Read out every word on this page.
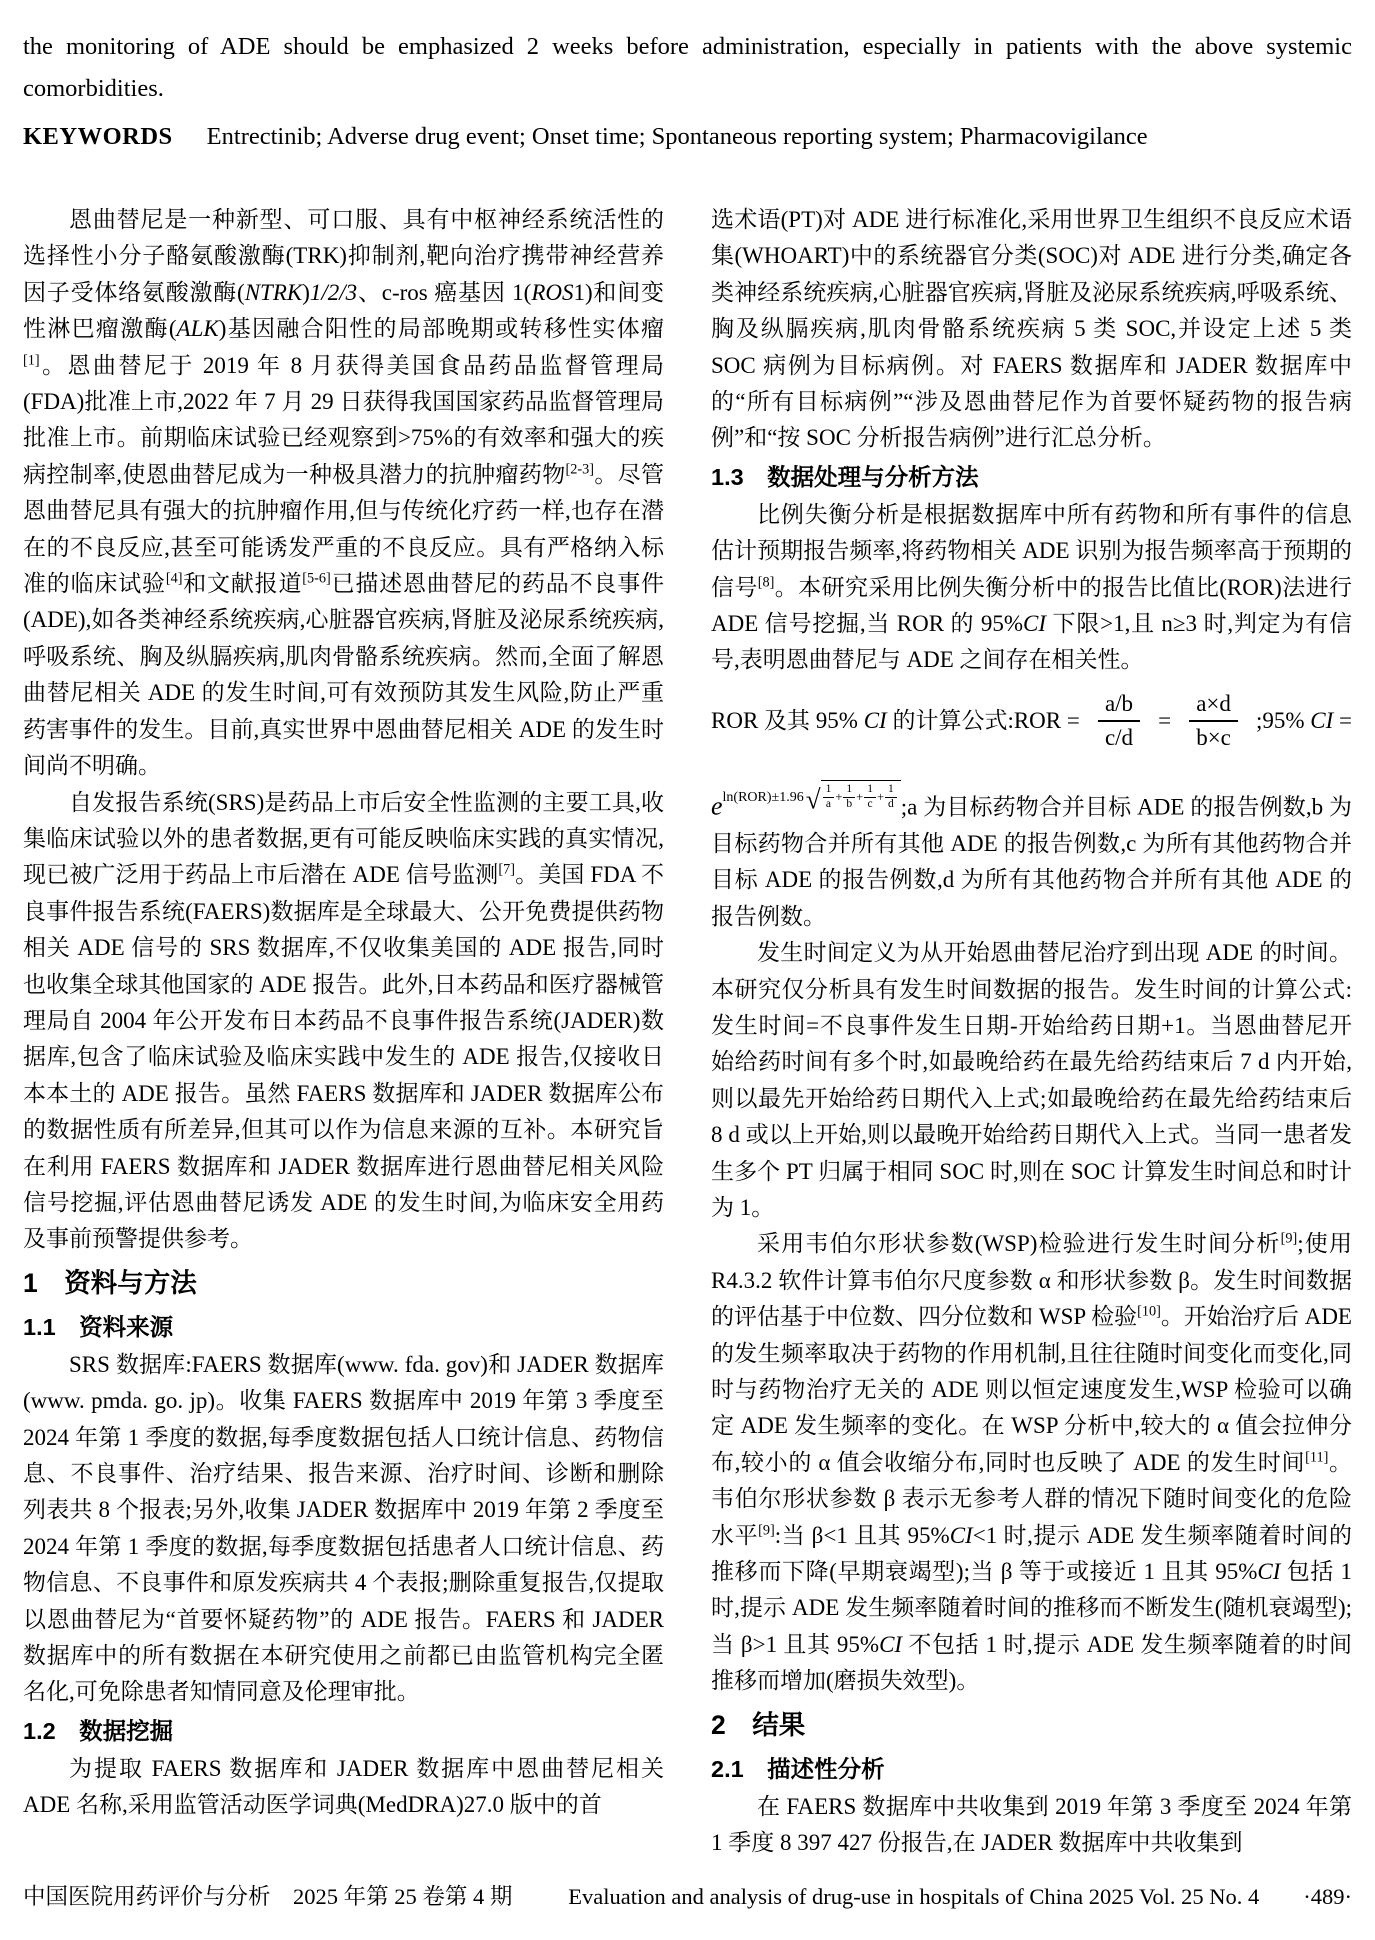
the monitoring of ADE should be emphasized 2 weeks before administration, especially in patients with the above systemic comorbidities.

KEYWORDS Entrectinib; Adverse drug event; Onset time; Spontaneous reporting system; Pharmacovigilance

恩曲替尼是一种新型、可口服、具有中枢神经系统活性的选择性小分子酪氨酸激酶(TRK)抑制剂,靶向治疗携带神经营养因子受体络氨酸激酶(NTRK)1/2/3、c-ros 癌基因 1(ROS1)和间变性淋巴瘤激酶(ALK)基因融合阳性的局部晚期或转移性实体瘤[1]。恩曲替尼于 2019 年 8 月获得美国食品药品监督管理局(FDA)批准上市,2022 年 7 月 29 日获得我国国家药品监督管理局批准上市。前期临床试验已经观察到>75%的有效率和强大的疾病控制率,使恩曲替尼成为一种极具潜力的抗肿瘤药物[2-3]。尽管恩曲替尼具有强大的抗肿瘤作用,但与传统化疗药一样,也存在潜在的不良反应,甚至可能诱发严重的不良反应。具有严格纳入标准的临床试验[4]和文献报道[5-6]已描述恩曲替尼的药品不良事件(ADE),如各类神经系统疾病,心脏器官疾病,肾脏及泌尿系统疾病,呼吸系统、胸及纵膈疾病,肌肉骨骼系统疾病。然而,全面了解恩曲替尼相关 ADE 的发生时间,可有效预防其发生风险,防止严重药害事件的发生。目前,真实世界中恩曲替尼相关 ADE 的发生时间尚不明确。

自发报告系统(SRS)是药品上市后安全性监测的主要工具,收集临床试验以外的患者数据,更有可能反映临床实践的真实情况,现已被广泛用于药品上市后潜在 ADE 信号监测[7]。美国 FDA 不良事件报告系统(FAERS)数据库是全球最大、公开免费提供药物相关 ADE 信号的 SRS 数据库,不仅收集美国的 ADE 报告,同时也收集全球其他国家的 ADE 报告。此外,日本药品和医疗器械管理局自 2004 年公开发布日本药品不良事件报告系统(JADER)数据库,包含了临床试验及临床实践中发生的 ADE 报告,仅接收日本本土的 ADE 报告。虽然 FAERS 数据库和 JADER 数据库公布的数据性质有所差异,但其可以作为信息来源的互补。本研究旨在利用 FAERS 数据库和 JADER 数据库进行恩曲替尼相关风险信号挖掘,评估恩曲替尼诱发 ADE 的发生时间,为临床安全用药及事前预警提供参考。

1　资料与方法
1.1　资料来源

SRS 数据库:FAERS 数据库(www. fda. gov)和 JADER 数据库(www. pmda. go. jp)。收集 FAERS 数据库中 2019 年第 3 季度至 2024 年第 1 季度的数据,每季度数据包括人口统计信息、药物信息、不良事件、治疗结果、报告来源、治疗时间、诊断和删除列表共 8 个报表;另外,收集 JADER 数据库中 2019 年第 2 季度至 2024 年第 1 季度的数据,每季度数据包括患者人口统计信息、药物信息、不良事件和原发疾病共 4 个表报;删除重复报告,仅提取以恩曲替尼为“首要怀疑药物”的 ADE 报告。FAERS 和 JADER 数据库中的所有数据在本研究使用之前都已由监管机构完全匿名化,可免除患者知情同意及伦理审批。

1.2　数据挖掘

为提取 FAERS 数据库和 JADER 数据库中恩曲替尼相关 ADE 名称,采用监管活动医学词典(MedDRA)27.0 版中的首

选术语(PT)对 ADE 进行标准化,采用世界卫生组织不良反应术语集(WHOART)中的系统器官分类(SOC)对 ADE 进行分类,确定各类神经系统疾病,心脏器官疾病,肾脏及泌尿系统疾病,呼吸系统、胸及纵膈疾病,肌肉骨骼系统疾病 5 类 SOC,并设定上述 5 类 SOC 病例为目标病例。对 FAERS 数据库和 JADER 数据库中的“所有目标病例”“涉及恩曲替尼作为首要怀疑药物的报告病例”和“按 SOC 分析报告病例”进行汇总分析。

1.3　数据处理与分析方法

比例失衡分析是根据数据库中所有药物和所有事件的信息估计预期报告频率,将药物相关 ADE 识别为报告频率高于预期的信号[8]。本研究采用比例失衡分析中的报告比值比(ROR)法进行 ADE 信号挖掘,当 ROR 的 95%CI 下限>1,且 n≥3 时,判定为有信号,表明恩曲替尼与 ADE 之间存在相关性。

ROR 及其 95% CI 的计算公式:ROR = $\frac{a/b}{c/d} = \frac{a\times d}{b\times c}$ ;95% CI =
$eln(ROR)\pm 1.96√ \frac{1}{a} + \frac{1}{b} + \frac{1}{c} + \frac{1}{d}$ ;a 为目标药物合并目标 ADE 的报告例数,b 为目标药物合并所有其他 ADE 的报告例数,c 为所有其他药物合并目标 ADE 的报告例数,d 为所有其他药物合并所有其他 ADE 的报告例数。

发生时间定义为从开始恩曲替尼治疗到出现 ADE 的时间。本研究仅分析具有发生时间数据的报告。发生时间的计算公式:发生时间=不良事件发生日期-开始给药日期+1。当恩曲替尼开始给药时间有多个时,如最晚给药在最先给药结束后 7 d 内开始,则以最先开始给药日期代入上式;如最晚给药在最先给药结束后 8 d 或以上开始,则以最晚开始给药日期代入上式。当同一患者发生多个 PT 归属于相同 SOC 时,则在 SOC 计算发生时间总和时计为 1。

采用韦伯尔形状参数(WSP)检验进行发生时间分析[9];使用 R4.3.2 软件计算韦伯尔尺度参数 α 和形状参数 β。发生时间数据的评估基于中位数、四分位数和 WSP 检验[10]。开始治疗后 ADE 的发生频率取决于药物的作用机制,且往往随时间变化而变化,同时与药物治疗无关的 ADE 则以恒定速度发生,WSP 检验可以确定 ADE 发生频率的变化。在 WSP 分析中,较大的 α 值会拉伸分布,较小的 α 值会收缩分布,同时也反映了 ADE 的发生时间[11]。韦伯尔形状参数 β 表示无参考人群的情况下随时间变化的危险水平[9]:当 β<1 且其 95%CI<1 时,提示 ADE 发生频率随着时间的推移而下降(早期衰竭型);当 β 等于或接近 1 且其 95%CI 包括 1 时,提示 ADE 发生频率随着时间的推移而不断发生(随机衰竭型);当 β>1 且其 95%CI 不包括 1 时,提示 ADE 发生频率随着的时间推移而增加(磨损失效型)。

2　结果
2.1　描述性分析

在 FAERS 数据库中共收集到 2019 年第 3 季度至 2024 年第 1 季度 8 397 427 份报告,在 JADER 数据库中共收集到

中国医院用药评价与分析　2025 年第 25 卷第 4 期 Evaluation and analysis of drug-use in hospitals of China 2025 Vol. 25 No. 4 ·489·
